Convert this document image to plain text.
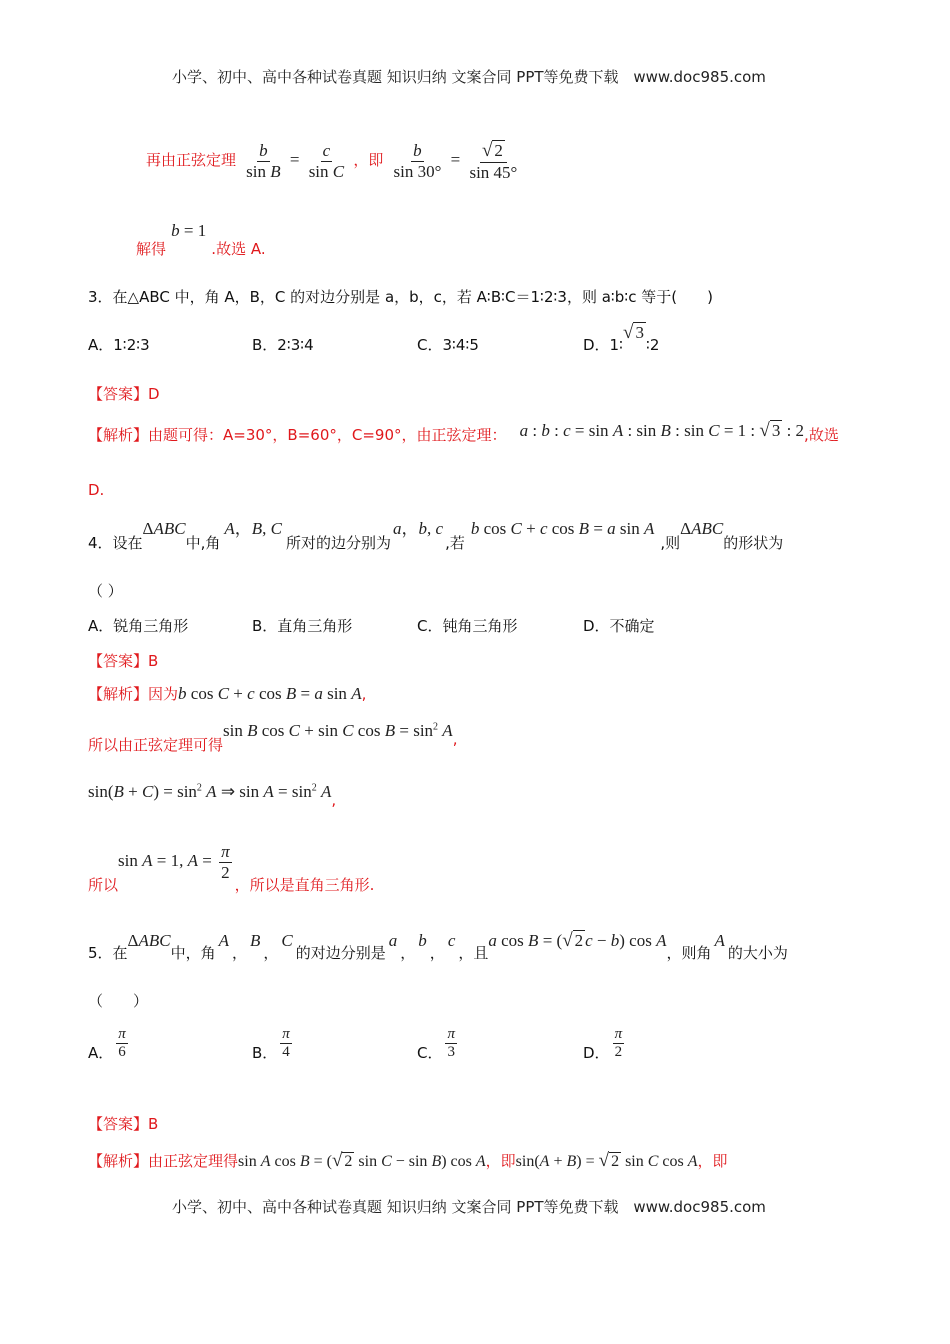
小学、初中、高中各种试卷真题 知识归纳 文案合同 PPT等免费下载 www.doc985.com
再由正弦定理 $\frac{b}{\text{sin B}} = \frac{c}{\text{sin C}}$ ，即 $\frac{b}{\sin 30^\circ} = \frac{√ 2}{\sin 45^\circ}$
解得 b = 1 .故选 A.
3．在△ABC 中，角 A，B，C 的对边分别是 a，b，c，若 A∶B∶C＝1∶2∶3，则 a∶b∶c 等于(　　)
A．1∶2∶3	B．2∶3∶4	C．3∶4∶5	D．1∶√ 3∶2
【答案】D
【解析】由题可得：A=30°，B=60°，C=90°，由正弦定理： a : b : c = sin A : sin B : sin C = 1 : √ 3 : 2,故选
D.
4．设在ΔABC中,角A，B, C所对的边分别为a，b, c,若b cos C + c cos B = a sin A,则ΔABC的形状为
（ ）
A．锐角三角形	B．直角三角形	C．钝角三角形	D．不确定
【答案】B
【解析】因为b cos C + c cos B = a sin A,
所以由正弦定理可得sin B cos C + sin C $\cos B = \sin^2 A$,
$\sin(B + C) = \sin^2 A$ ⇒ $\sin A = \sin^2 A$,
所以sin A = 1, $A = \frac{\pi}{2}$
，所以是直角三角形.
5．在ΔABC中，角A，B，C的对边分别是a，b，c，且a cos B = (√ 2 c − b) cos A，则角A的大小为
（　　）
A． $\frac{\pi}{6}$	B． $\frac{\pi}{4}$	C． $\frac{\pi}{3}$	D． $\frac{\pi}{2}$
【答案】B
【解析】由正弦定理得sin A cos B = (√ 2 sin C − sin B) cos A，即sin(A + B) = √ 2 sin C cos A，即
小学、初中、高中各种试卷真题 知识归纳 文案合同 PPT等免费下载 www.doc985.com
